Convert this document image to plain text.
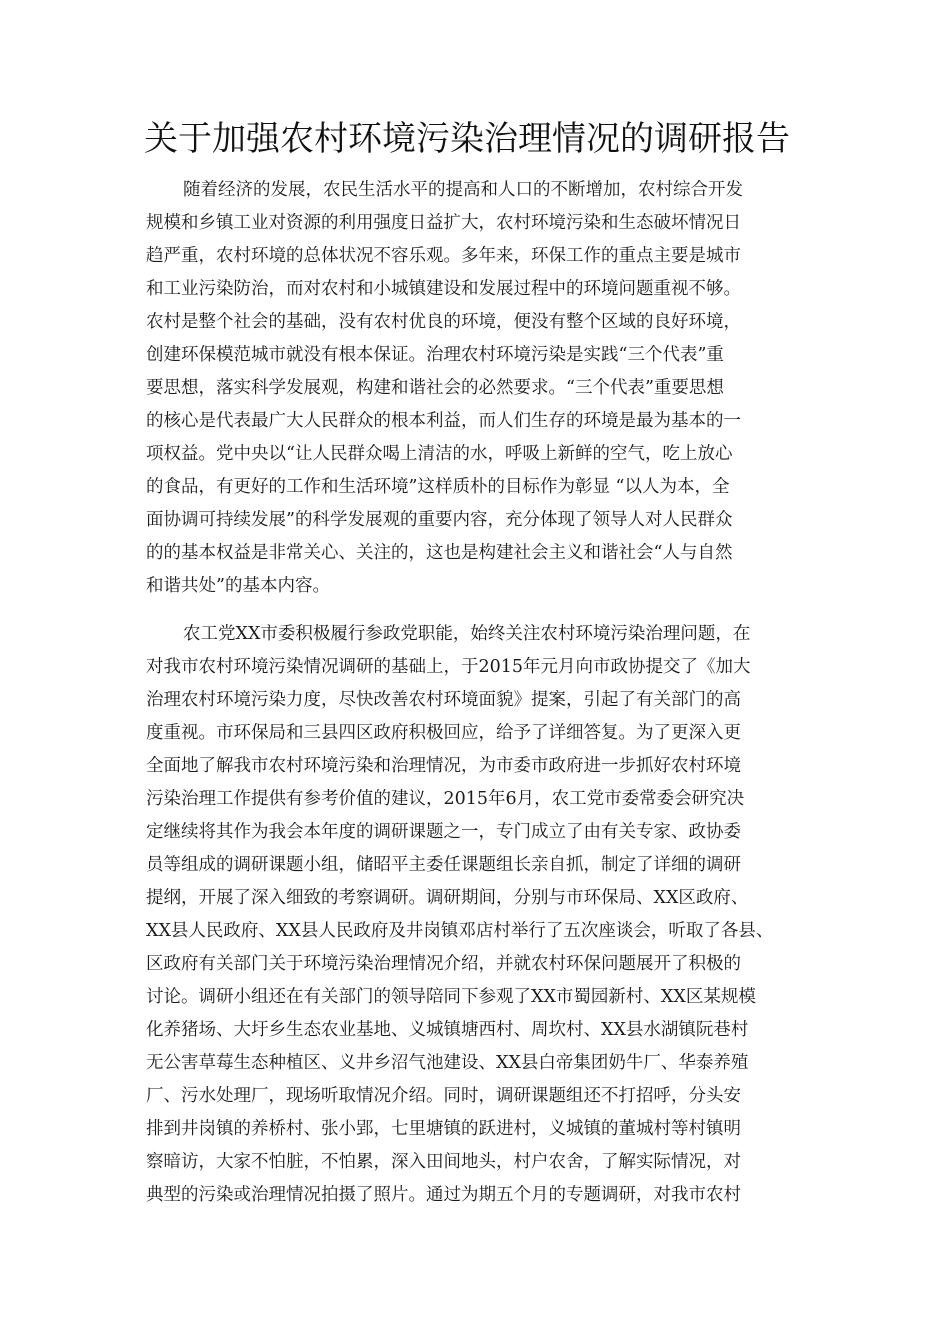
关于加强农村环境污染治理情况的调研报告

随着经济的发展，农民生活水平的提高和人口的不断增加，农村综合开发

规模和乡镇工业对资源的利用强度日益扩大，农村环境污染和生态破坏情况日

趋严重，农村环境的总体状况不容乐观。多年来，环保工作的重点主要是城市

和工业污染防治，而对农村和小城镇建设和发展过程中的环境问题重视不够。

农村是整个社会的基础，没有农村优良的环境，便没有整个区域的良好环境，

创建环保模范城市就没有根本保证。治理农村环境污染是实践“三个代表”重

要思想，落实科学发展观，构建和谐社会的必然要求。“三个代表”重要思想

的核心是代表最广大人民群众的根本利益，而人们生存的环境是最为基本的一

项权益。党中央以“让人民群众喝上清洁的水，呼吸上新鲜的空气，吃上放心

的食品，有更好的工作和生活环境”这样质朴的目标作为彰显 “以人为本，全

面协调可持续发展”的科学发展观的重要内容，充分体现了领导人对人民群众

的的基本权益是非常关心、关注的，这也是构建社会主义和谐社会“人与自然

和谐共处”的基本内容。

农工党XX市委积极履行参政党职能，始终关注农村环境污染治理问题，在

对我市农村环境污染情况调研的基础上，于2015年元月向市政协提交了《加大

治理农村环境污染力度，尽快改善农村环境面貌》提案，引起了有关部门的高

度重视。市环保局和三县四区政府积极回应，给予了详细答复。为了更深入更

全面地了解我市农村环境污染和治理情况，为市委市政府进一步抓好农村环境

污染治理工作提供有参考价值的建议，2015年6月，农工党市委常委会研究决

定继续将其作为我会本年度的调研课题之一，专门成立了由有关专家、政协委

员等组成的调研课题小组，储昭平主委任课题组长亲自抓，制定了详细的调研

提纲，开展了深入细致的考察调研。调研期间，分别与市环保局、XX区政府、

XX县人民政府、XX县人民政府及井岗镇邓店村举行了五次座谈会，听取了各县、

区政府有关部门关于环境污染治理情况介绍，并就农村环保问题展开了积极的

讨论。调研小组还在有关部门的领导陪同下参观了XX市蜀园新村、XX区某规模

化养猪场、大圩乡生态农业基地、义城镇塘西村、周坎村、XX县水湖镇阮巷村

无公害草莓生态种植区、义井乡沼气池建设、XX县白帝集团奶牛厂、华泰养殖

厂、污水处理厂，现场听取情况介绍。同时，调研课题组还不打招呼，分头安

排到井岗镇的养桥村、张小郢，七里塘镇的跃进村，义城镇的董城村等村镇明

察暗访，大家不怕脏，不怕累，深入田间地头，村户农舍，了解实际情况，对

典型的污染或治理情况拍摄了照片。通过为期五个月的专题调研，对我市农村
